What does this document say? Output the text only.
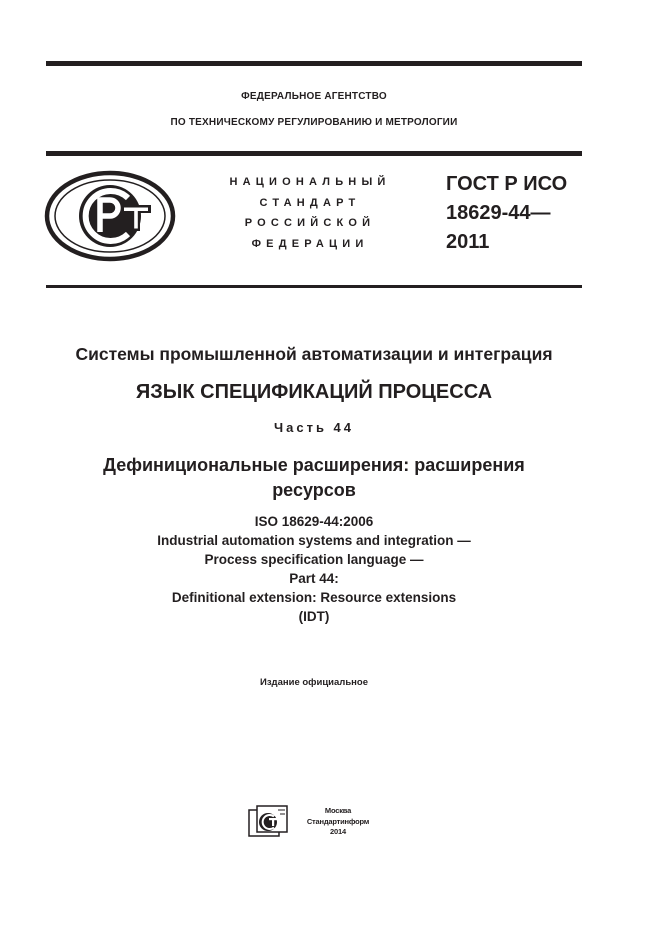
ФЕДЕРАЛЬНОЕ АГЕНТСТВО
ПО ТЕХНИЧЕСКОМУ РЕГУЛИРОВАНИЮ И МЕТРОЛОГИИ
НАЦИОНАЛЬНЫЙ
СТАНДАРТ
РОССИЙСКОЙ
ФЕДЕРАЦИИ
ГОСТ Р ИСО
18629-44—
2011
Системы промышленной автоматизации и интеграция
ЯЗЫК СПЕЦИФИКАЦИЙ ПРОЦЕССА
Часть 44
Дефинициональные расширения: расширения
ресурсов
ISO 18629-44:2006
Industrial automation systems and integration —
Process specification language —
Part 44:
Definitional extension: Resource extensions
(IDT)
Издание официальное
Москва
Стандартинформ
2014
